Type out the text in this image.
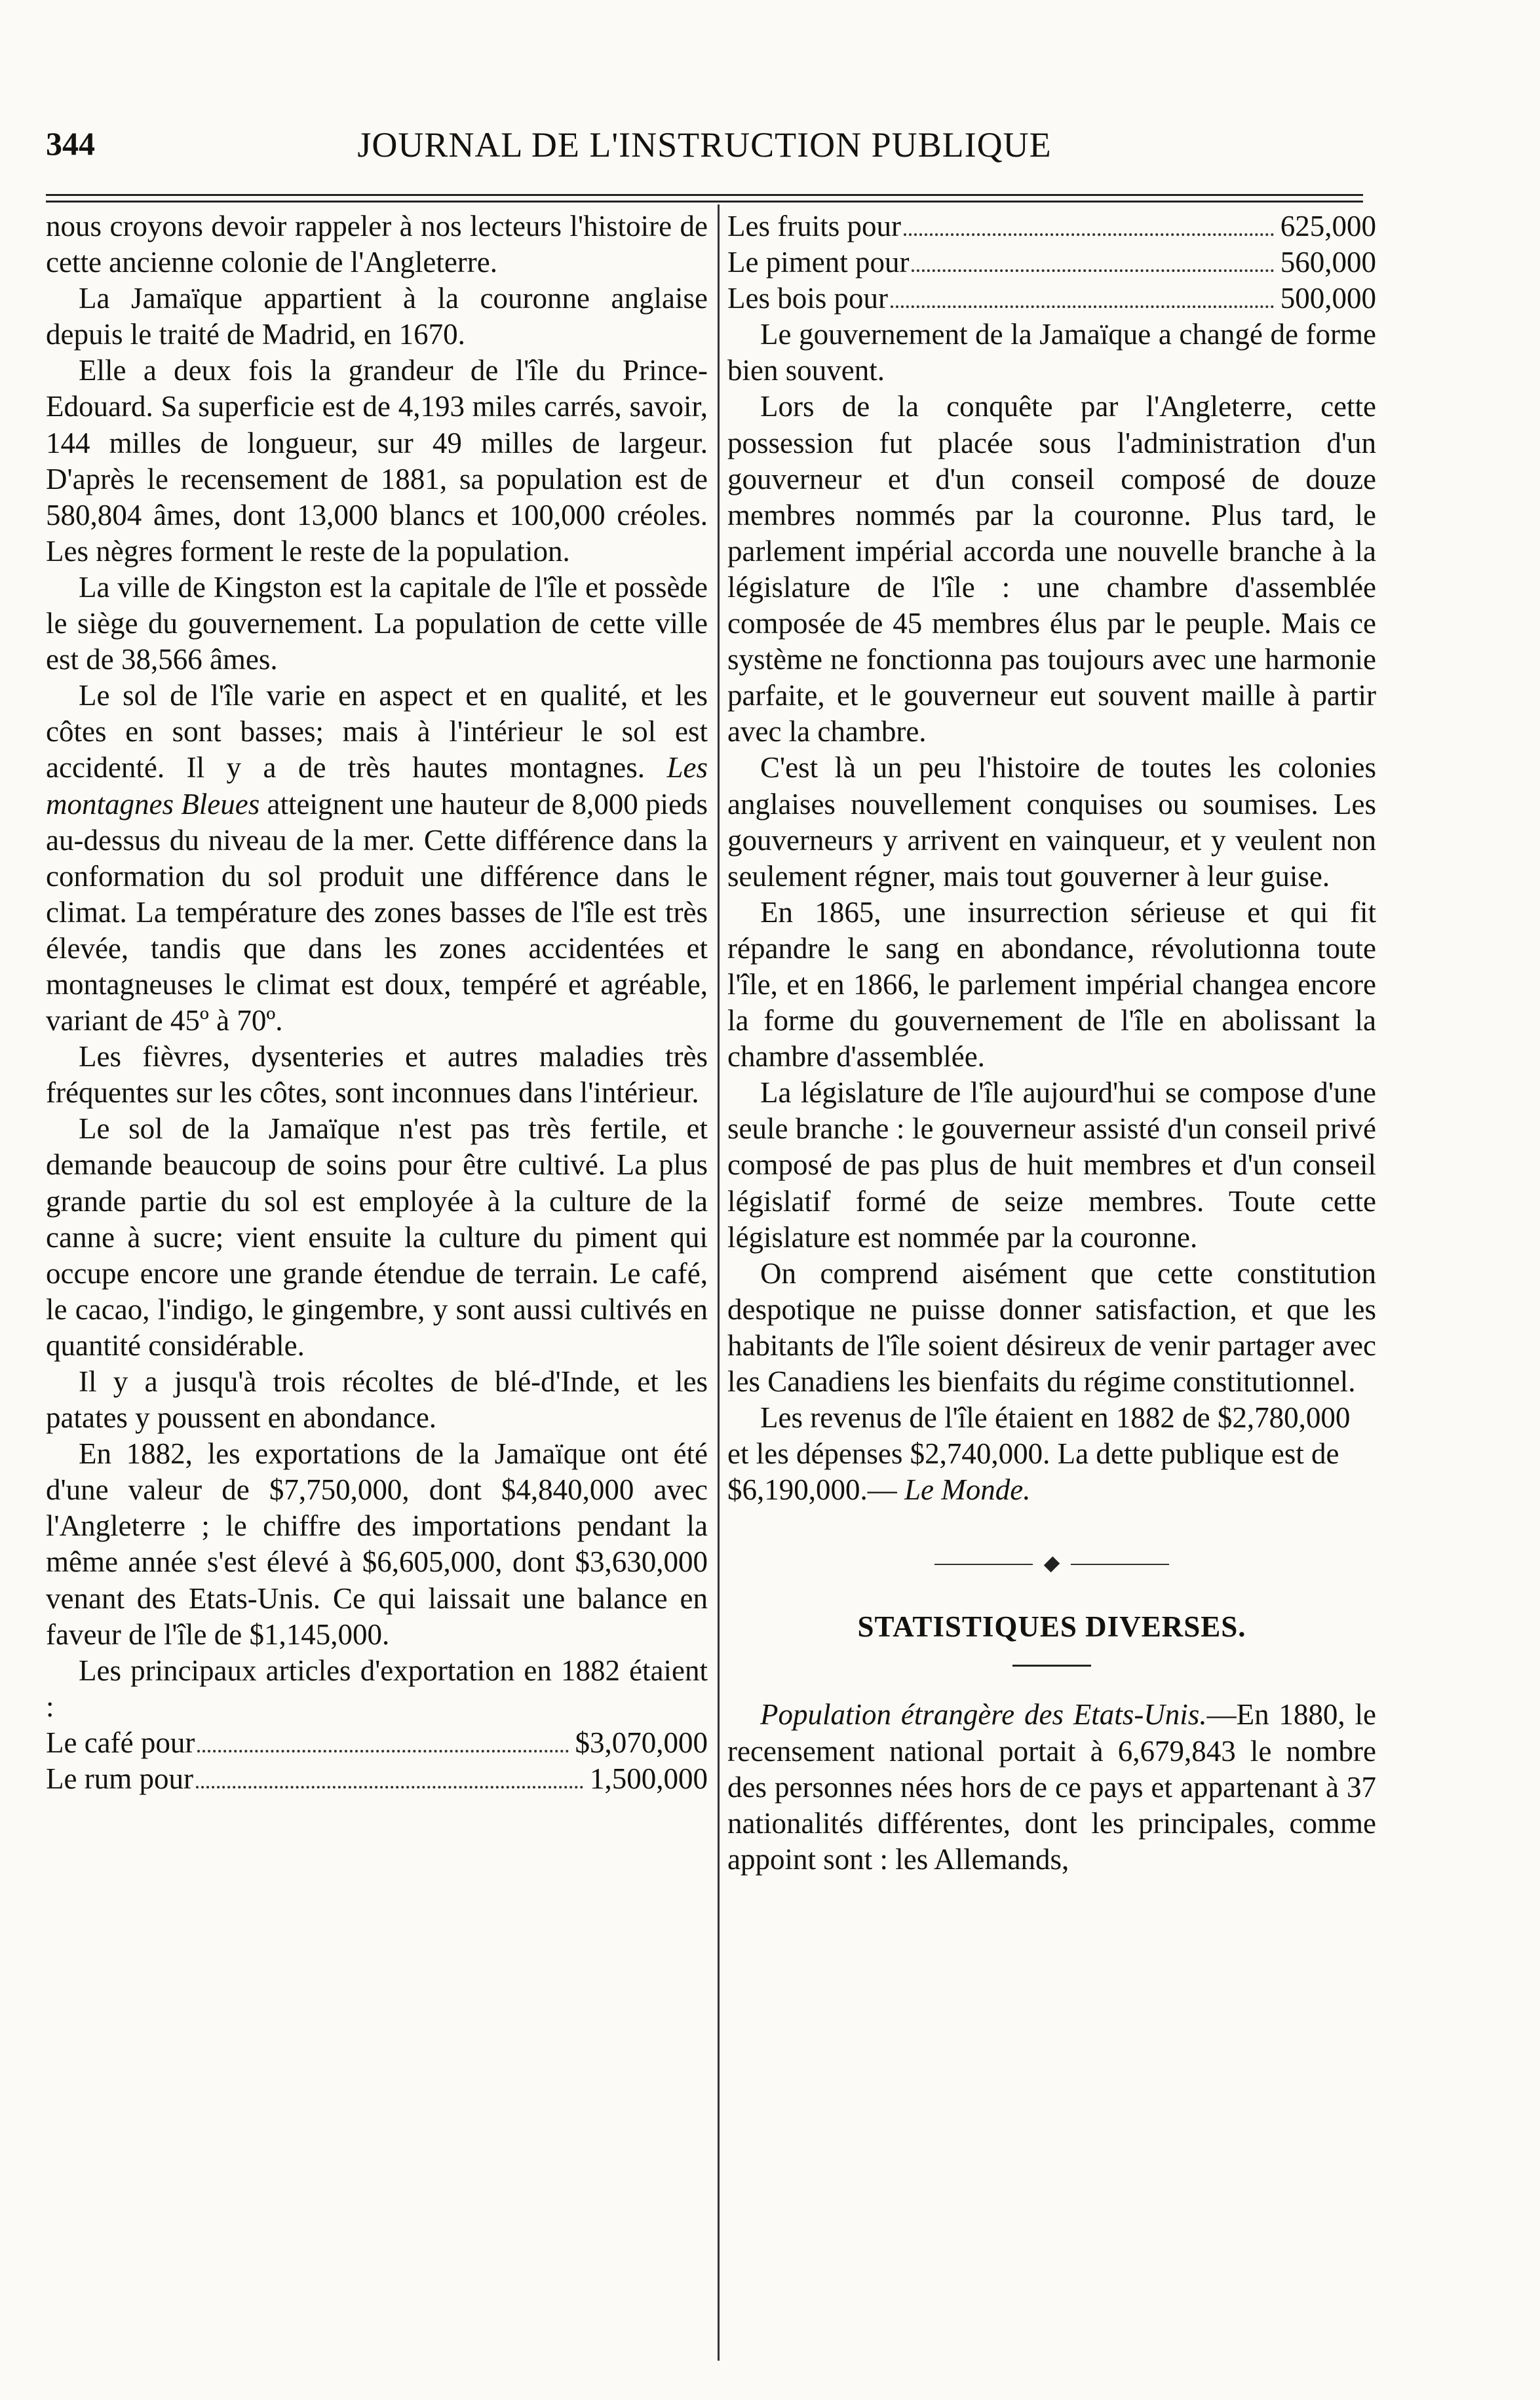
344	JOURNAL DE L'INSTRUCTION PUBLIQUE

nous croyons devoir rappeler à nos lecteurs l'histoire de cette ancienne colonie de l'Angleterre.

La Jamaïque appartient à la couronne anglaise depuis le traité de Madrid, en 1670.

Elle a deux fois la grandeur de l'île du Prince-Edouard. Sa superficie est de 4,193 miles carrés, savoir, 144 milles de longueur, sur 49 milles de largeur. D'après le recensement de 1881, sa population est de 580,804 âmes, dont 13,000 blancs et 100,000 créoles. Les nègres forment le reste de la population.

La ville de Kingston est la capitale de l'île et possède le siège du gouvernement. La population de cette ville est de 38,566 âmes.

Le sol de l'île varie en aspect et en qualité, et les côtes en sont basses; mais à l'intérieur le sol est accidenté. Il y a de très hautes montagnes. Les montagnes Bleues atteignent une hauteur de 8,000 pieds au-dessus du niveau de la mer. Cette différence dans la conformation du sol produit une différence dans le climat. La température des zones basses de l'île est très élevée, tandis que dans les zones accidentées et montagneuses le climat est doux, tempéré et agréable, variant de 45º à 70º.

Les fièvres, dysenteries et autres maladies très fréquentes sur les côtes, sont inconnues dans l'intérieur.

Le sol de la Jamaïque n'est pas très fertile, et demande beaucoup de soins pour être cultivé. La plus grande partie du sol est employée à la culture de la canne à sucre; vient ensuite la culture du piment qui occupe encore une grande étendue de terrain. Le café, le cacao, l'indigo, le gingembre, y sont aussi cultivés en quantité considérable.

Il y a jusqu'à trois récoltes de blé-d'Inde, et les patates y poussent en abondance.

En 1882, les exportations de la Jamaïque ont été d'une valeur de $7,750,000, dont $4,840,000 avec l'Angleterre ; le chiffre des importations pendant la même année s'est élevé à $6,605,000, dont $3,630,000 venant des Etats-Unis. Ce qui laissait une balance en faveur de l'île de $1,145,000.

Les principaux articles d'exportation en 1882 étaient :

Le café pour	$3,070,000
Le rum pour	1,500,000
Les fruits pour	625,000
Le piment pour	560,000
Les bois pour	500,000

Le gouvernement de la Jamaïque a changé de forme bien souvent.

Lors de la conquête par l'Angleterre, cette possession fut placée sous l'administration d'un gouverneur et d'un conseil composé de douze membres nommés par la couronne. Plus tard, le parlement impérial accorda une nouvelle branche à la législature de l'île : une chambre d'assemblée composée de 45 membres élus par le peuple. Mais ce système ne fonctionna pas toujours avec une harmonie parfaite, et le gouverneur eut souvent maille à partir avec la chambre.

C'est là un peu l'histoire de toutes les colonies anglaises nouvellement conquises ou soumises. Les gouverneurs y arrivent en vainqueur, et y veulent non seulement régner, mais tout gouverner à leur guise.

En 1865, une insurrection sérieuse et qui fit répandre le sang en abondance, révolutionna toute l'île, et en 1866, le parlement impérial changea encore la forme du gouvernement de l'île en abolissant la chambre d'assemblée.

La législature de l'île aujourd'hui se compose d'une seule branche : le gouverneur assisté d'un conseil privé composé de pas plus de huit membres et d'un conseil législatif formé de seize membres. Toute cette législature est nommée par la couronne.

On comprend aisément que cette constitution despotique ne puisse donner satisfaction, et que les habitants de l'île soient désireux de venir partager avec les Canadiens les bienfaits du régime constitutionnel.

Les revenus de l'île étaient en 1882 de $2,780,000 et les dépenses $2,740,000. La dette publique est de $6,190,000.— Le Monde.

STATISTIQUES DIVERSES.

Population étrangère des Etats-Unis.—En 1880, le recensement national portait à 6,679,843 le nombre des personnes nées hors de ce pays et appartenant à 37 nationalités différentes, dont les principales, comme appoint sont : les Allemands,
